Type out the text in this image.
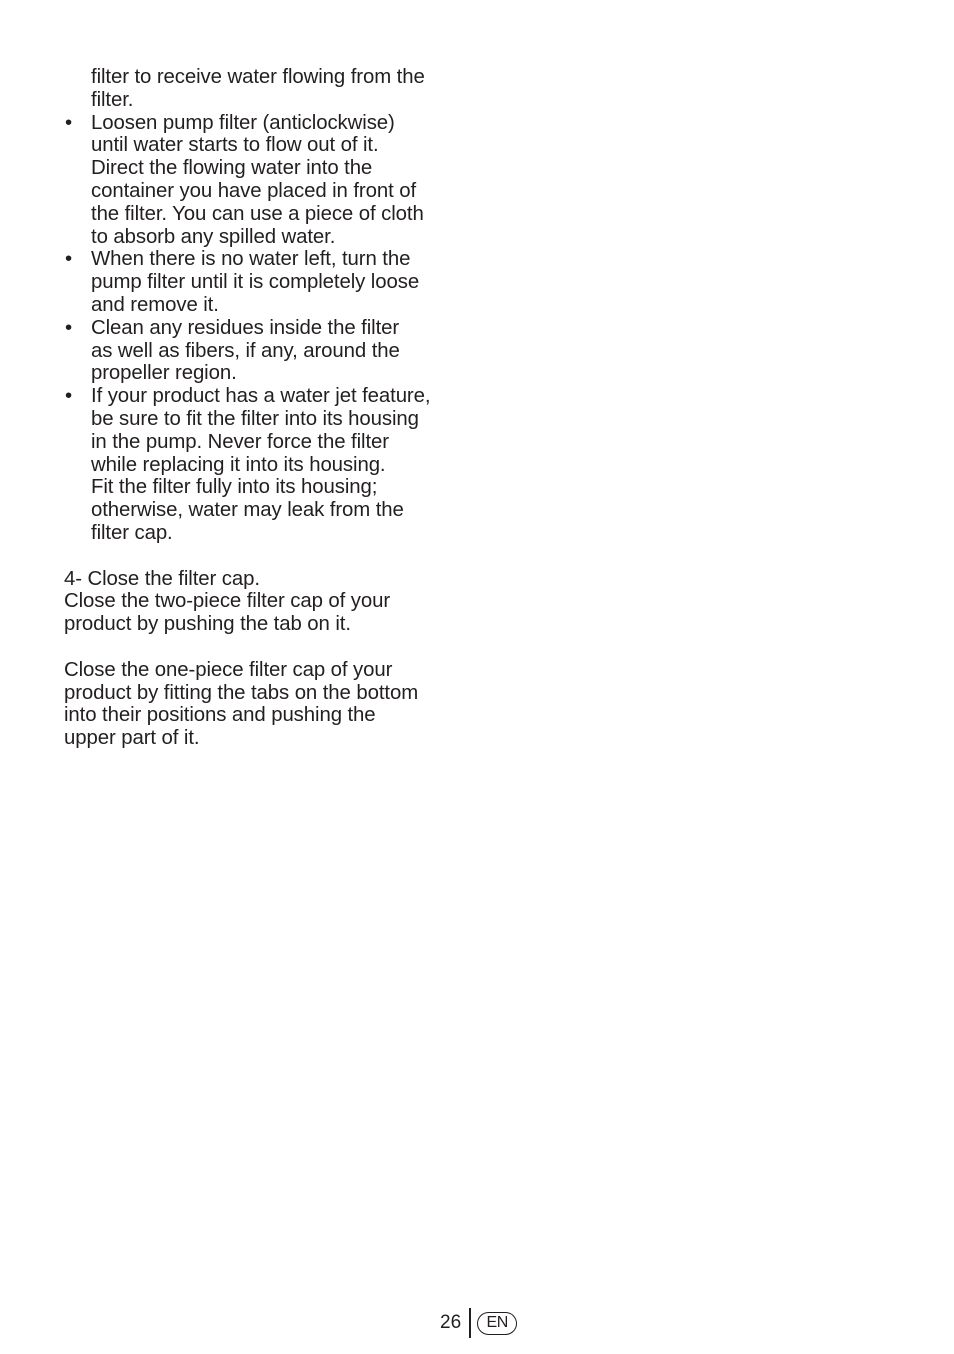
filter to receive water flowing from the
filter.
• Loosen pump filter (anticlockwise)
until water starts to flow out of it.
Direct the flowing water into the
container you have placed in front of
the filter. You can use a piece of cloth
to absorb any spilled water.
• When there is no water left, turn the
pump filter until it is completely loose
and remove it.
• Clean any residues inside the filter
as well as fibers, if any, around the
propeller region.
• If your product has a water jet feature,
be sure to fit the filter into its housing
in the pump. Never force the filter
while replacing it into its housing.
Fit the filter fully into its housing;
otherwise, water may leak from the
filter cap.
4- Close the filter cap.
Close the two-piece filter cap of your
product by pushing the tab on it.
Close the one-piece filter cap of your
product by fitting the tabs on the bottom
into their positions and pushing the
upper part of it.
26	EN
